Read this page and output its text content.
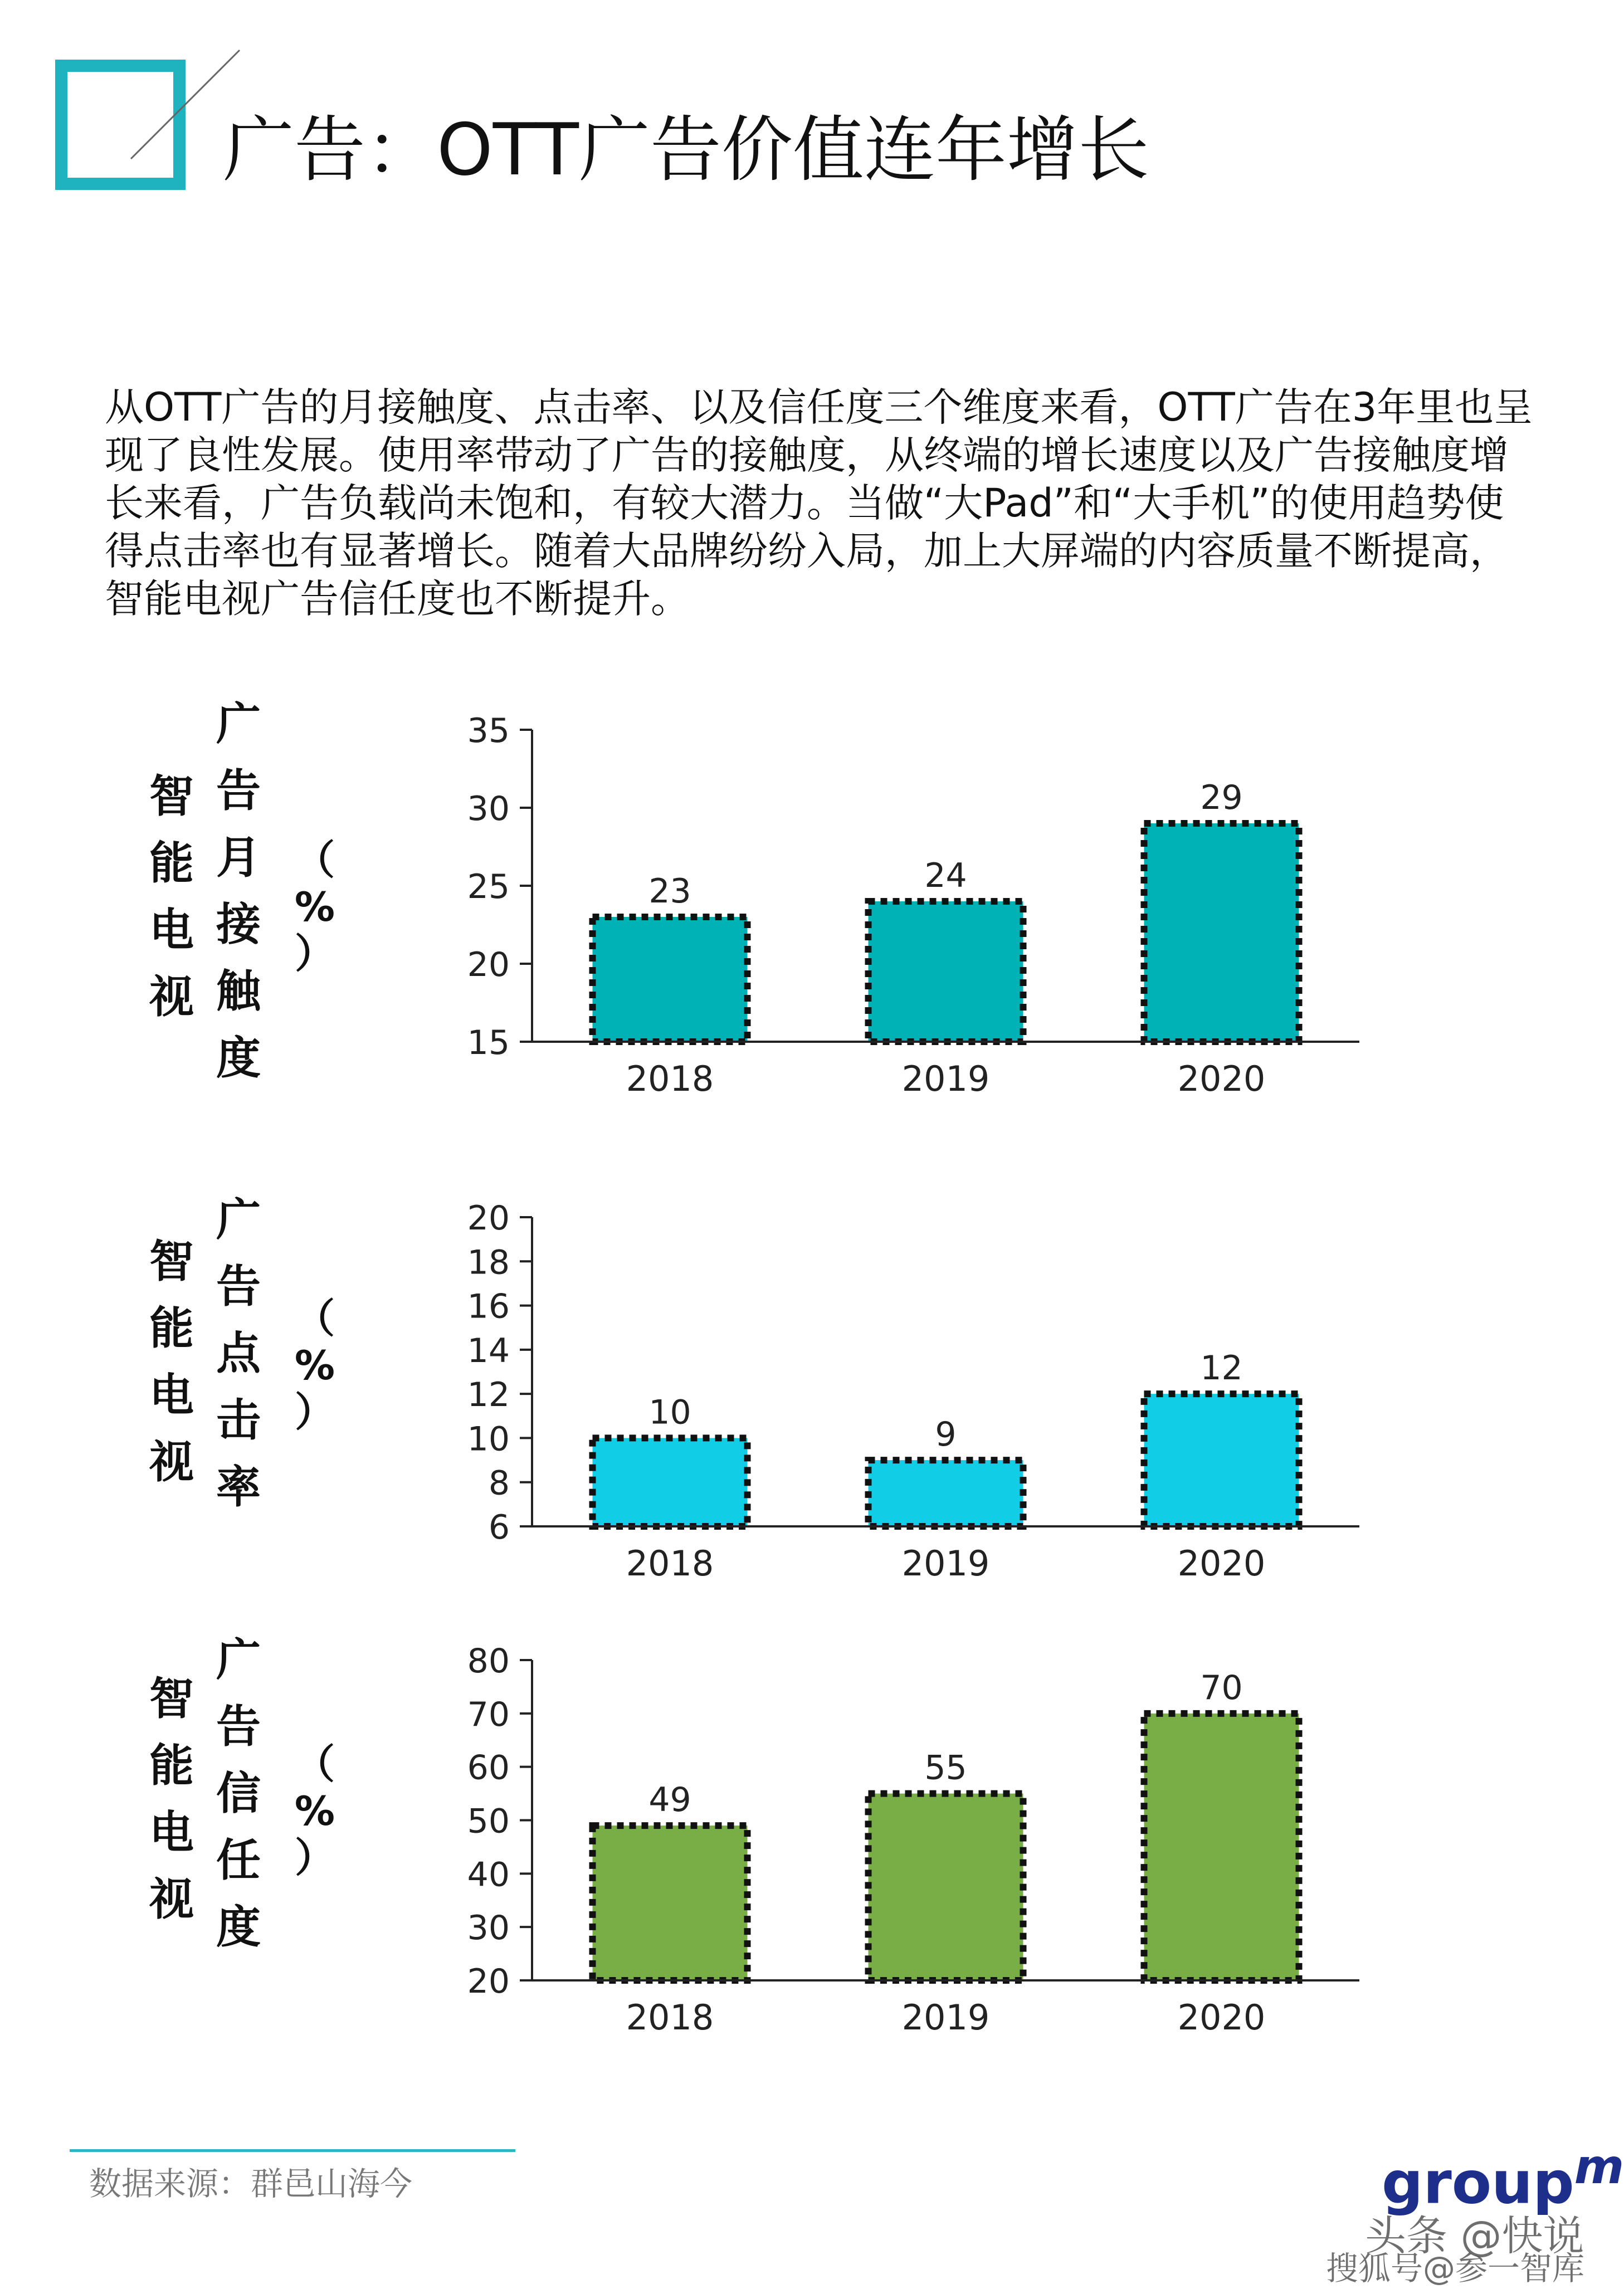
广告：OTT广告价值连年增长

从OTT广告的月接触度、点击率、以及信任度三个维度来看，OTT广告在3年里也呈现了良性发展。使用率带动了广告的接触度，从终端的增长速度以及广告接触度增长来看，广告负载尚未饱和，有较大潜力。当做“大Pad”和“大手机”的使用趋势使得点击率也有显著增长。随着大品牌纷纷入局，加上大屏端的内容质量不断提高，智能电视广告信任度也不断提升。

15
20
25
30
35
23
2018
24
2019
29
2020
智能电视
广告月接触度
（
%
）
6
8
10
12
14
16
18
20
10
2018
9
2019
12
2020
智能电视
广告点击率
（
%
）
20
30
40
50
60
70
80
49
2018
55
2019
70
2020
智能电视
广告信任度
（
%
）
数据来源：群邑山海今	group$^m$
头条 @快说
搜狐号@参一智库
